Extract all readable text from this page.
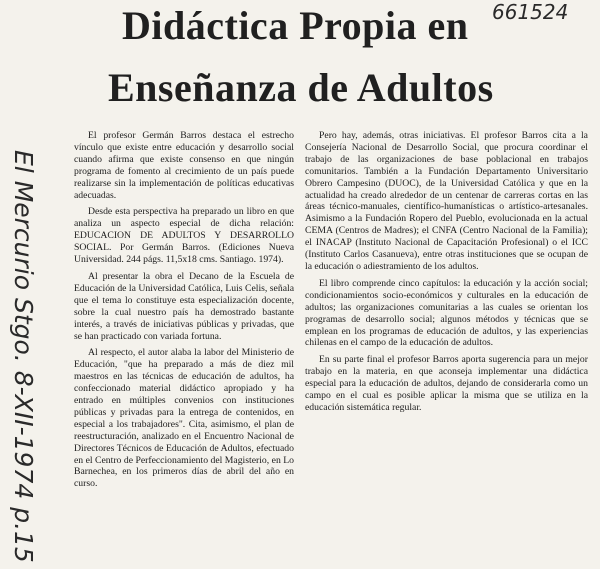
661524
Didáctica Propia en
Enseñanza de Adultos
El Mercurio Stgo. 8-XII-1974 p.15

El profesor Germán Barros destaca el estrecho vínculo que existe entre educación y desarrollo social cuando afirma que existe consenso en que ningún programa de fomento al crecimiento de un país puede realizarse sin la implementación de políticas educativas adecuadas.

Desde esta perspectiva ha preparado un libro en que analiza un aspecto especial de dicha relación: EDUCACION DE ADULTOS Y DESARROLLO SOCIAL. Por Germán Barros. (Ediciones Nueva Universidad. 244 págs. 11,5x18 cms. Santiago. 1974).

Al presentar la obra el Decano de la Escuela de Educación de la Universidad Católica, Luis Celis, señala que el tema lo constituye esta especialización docente, sobre la cual nuestro país ha demostrado bastante interés, a través de iniciativas públicas y privadas, que se han practicado con variada fortuna.

Al respecto, el autor alaba la labor del Ministerio de Educación, "que ha preparado a más de diez mil maestros en las técnicas de educación de adultos, ha confeccionado material didáctico apropiado y ha entrado en múltiples convenios con instituciones públicas y privadas para la entrega de contenidos, en especial a los trabajadores". Cita, asimismo, el plan de reestructuración, analizado en el Encuentro Nacional de Directores Técnicos de Educación de Adultos, efectuado en el Centro de Perfeccionamiento del Magisterio, en Lo Barnechea, en los primeros días de abril del año en curso.

Pero hay, además, otras iniciativas. El profesor Barros cita a la Consejería Nacional de Desarrollo Social, que procura coordinar el trabajo de las organizaciones de base poblacional en trabajos comunitarios. También a la Fundación Departamento Universitario Obrero Campesino (DUOC), de la Universidad Católica y que en la actualidad ha creado alrededor de un centenar de carreras cortas en las áreas técnico-manuales, científico-humanísticas o artístico-artesanales. Asimismo a la Fundación Ropero del Pueblo, evolucionada en la actual CEMA (Centros de Madres); el CNFA (Centro Nacional de la Familia); el INACAP (Instituto Nacional de Capacitación Profesional) o el ICC (Instituto Carlos Casanueva), entre otras instituciones que se ocupan de la educación o adiestramiento de los adultos.

El libro comprende cinco capítulos: la educación y la acción social; condicionamientos socio-económicos y culturales en la educación de adultos; las organizaciones comunitarias a las cuales se orientan los programas de desarrollo social; algunos métodos y técnicas que se emplean en los programas de educación de adultos, y las experiencias chilenas en el campo de la educación de adultos.

En su parte final el profesor Barros aporta sugerencia para un mejor trabajo en la materia, en que aconseja implementar una didáctica especial para la educación de adultos, dejando de considerarla como un campo en el cual es posible aplicar la misma que se utiliza en la educación sistemática regular.
